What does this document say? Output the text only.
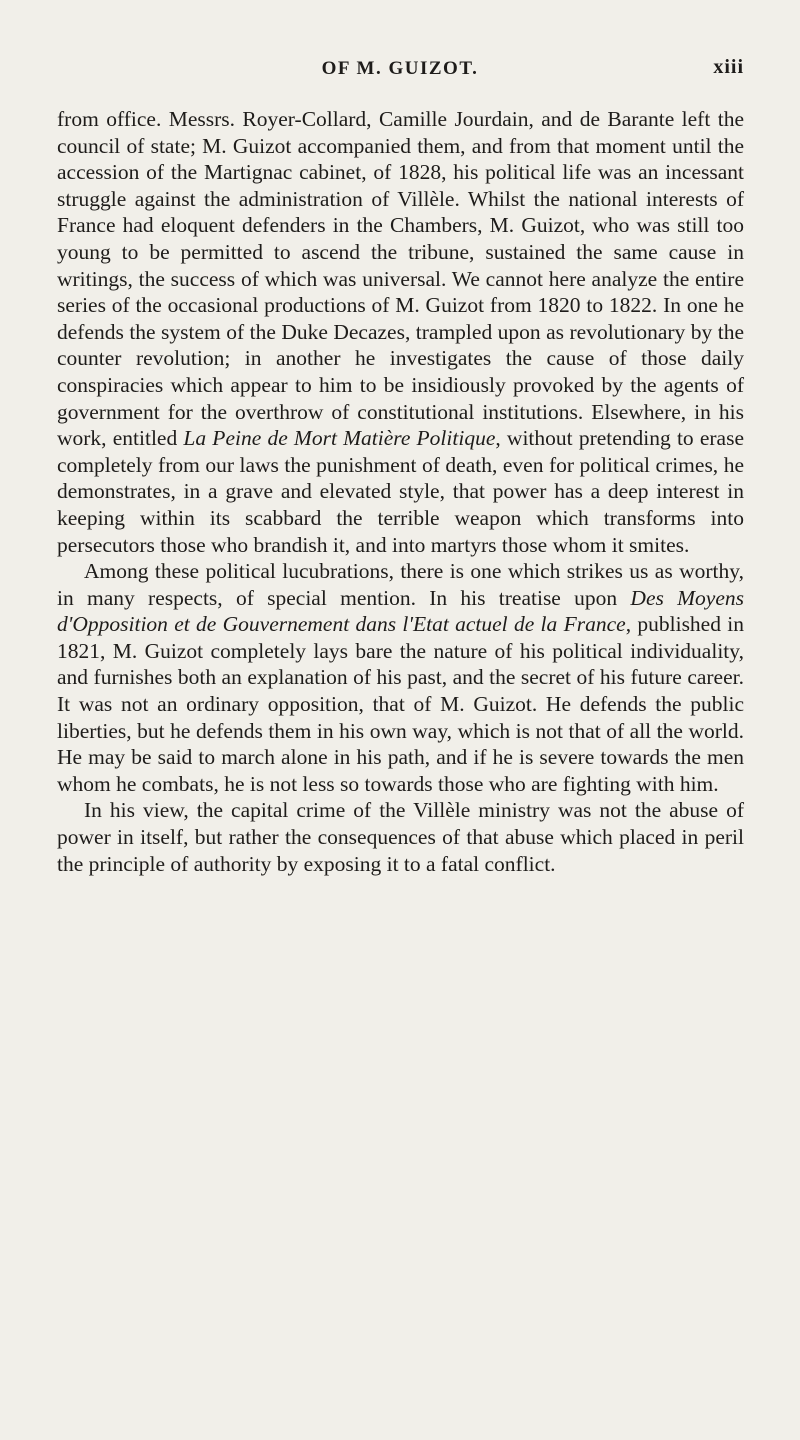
OF M. GUIZOT.	xiii

from office. Messrs. Royer-Collard, Camille Jourdain, and de Barante left the council of state; M. Guizot accompanied them, and from that moment until the accession of the Martignac cabinet, of 1828, his political life was an incessant struggle against the administration of Villèle. Whilst the national interests of France had eloquent defenders in the Chambers, M. Guizot, who was still too young to be permitted to ascend the tribune, sustained the same cause in writings, the success of which was universal. We cannot here analyze the entire series of the occasional productions of M. Guizot from 1820 to 1822. In one he defends the system of the Duke Decazes, trampled upon as revolutionary by the counter revolution; in another he investigates the cause of those daily conspiracies which appear to him to be insidiously provoked by the agents of government for the overthrow of constitutional institutions. Elsewhere, in his work, entitled La Peine de Mort Matière Politique, without pretending to erase completely from our laws the punishment of death, even for political crimes, he demonstrates, in a grave and elevated style, that power has a deep interest in keeping within its scabbard the terrible weapon which transforms into persecutors those who brandish it, and into martyrs those whom it smites.

Among these political lucubrations, there is one which strikes us as worthy, in many respects, of special mention. In his treatise upon Des Moyens d'Opposition et de Gouvernement dans l'Etat actuel de la France, published in 1821, M. Guizot completely lays bare the nature of his political individuality, and furnishes both an explanation of his past, and the secret of his future career. It was not an ordinary opposition, that of M. Guizot. He defends the public liberties, but he defends them in his own way, which is not that of all the world. He may be said to march alone in his path, and if he is severe towards the men whom he combats, he is not less so towards those who are fighting with him.

In his view, the capital crime of the Villèle ministry was not the abuse of power in itself, but rather the consequences of that abuse which placed in peril the principle of authority by exposing it to a fatal conflict.
